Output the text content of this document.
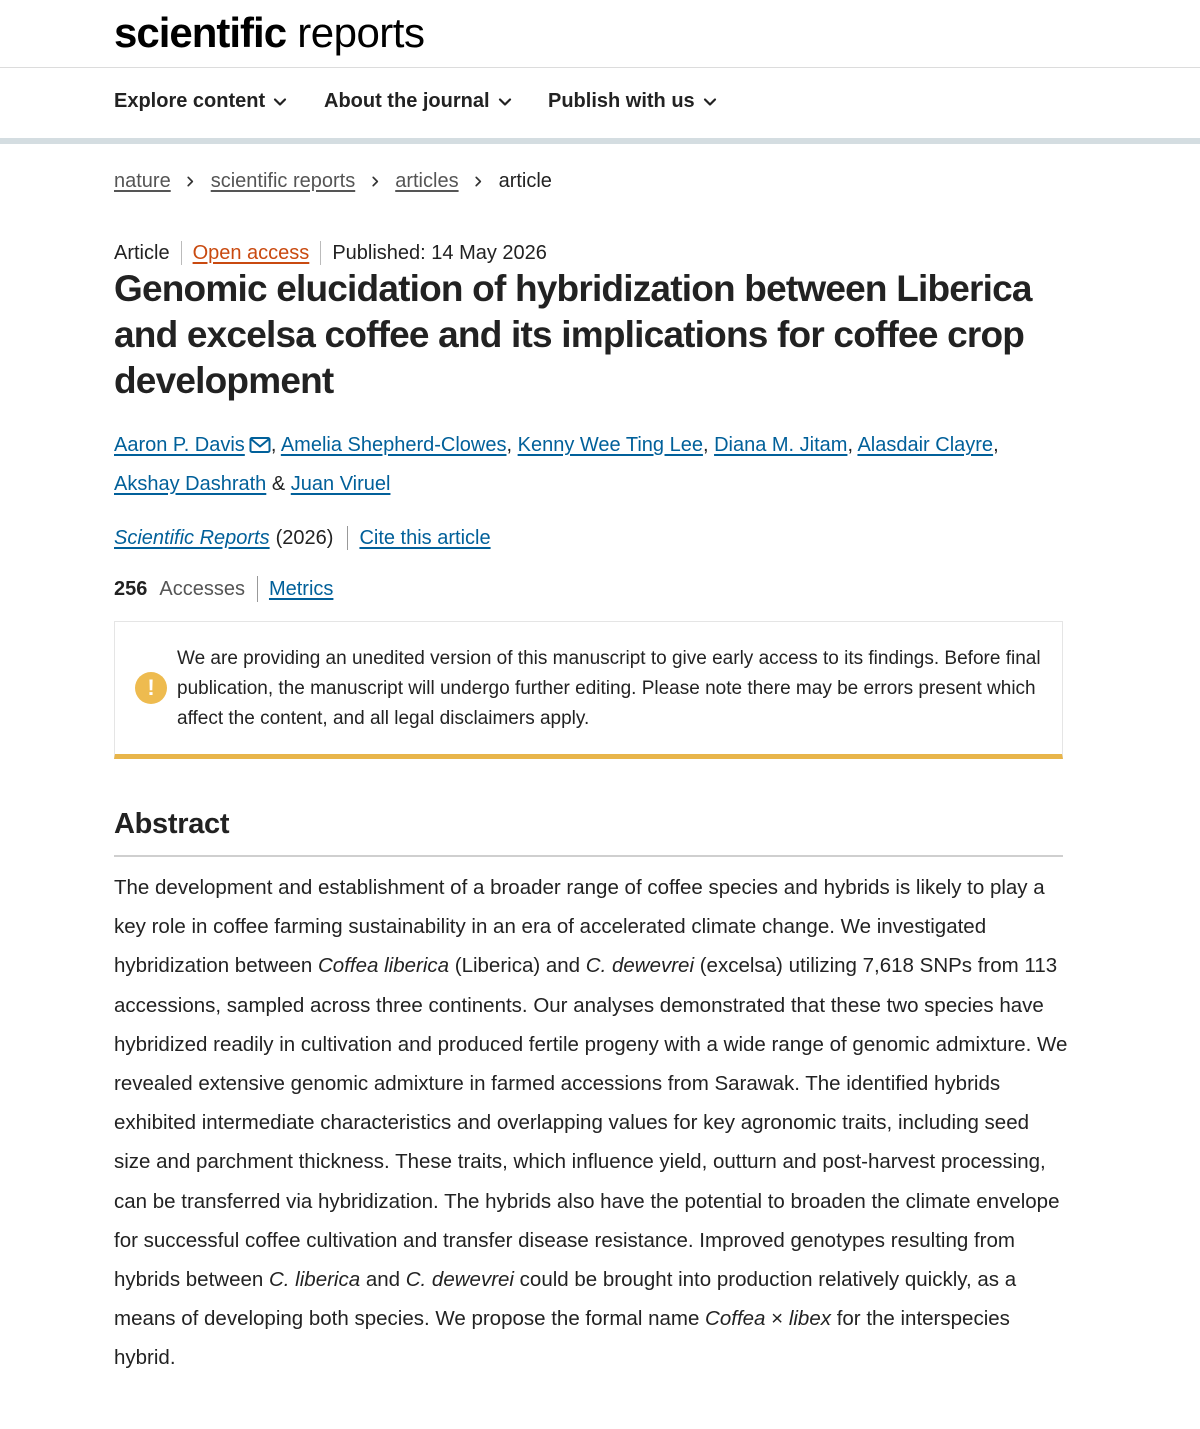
scientific reports
Explore content	About the journal	Publish with us
nature scientific reports articles article
Article Open access Published: 14 May 2026
Genomic elucidation of hybridization between Liberica and excelsa coffee and its implications for coffee crop development
Aaron P. Davis , Amelia Shepherd-Clowes, Kenny Wee Ting Lee, Diana M. Jitam, Alasdair Clayre,
Akshay Dashrath & Juan Viruel
Scientific Reports (2026) Cite this article
256 Accesses Metrics
!

We are providing an unedited version of this manuscript to give early access to its findings. Before final publication, the manuscript will undergo further editing. Please note there may be errors present which affect the content, and all legal disclaimers apply.

Abstract

The development and establishment of a broader range of coffee species and hybrids is likely to play a key role in coffee farming sustainability in an era of accelerated climate change. We investigated hybridization between Coffea liberica (Liberica) and C. dewevrei (excelsa) utilizing 7,618 SNPs from 113 accessions, sampled across three continents. Our analyses demonstrated that these two species have hybridized readily in cultivation and produced fertile progeny with a wide range of genomic admixture. We revealed extensive genomic admixture in farmed accessions from Sarawak. The identified hybrids exhibited intermediate characteristics and overlapping values for key agronomic traits, including seed size and parchment thickness. These traits, which influence yield, outturn and post-harvest processing, can be transferred via hybridization. The hybrids also have the potential to broaden the climate envelope for successful coffee cultivation and transfer disease resistance. Improved genotypes resulting from hybrids between C. liberica and C. dewevrei could be brought into production relatively quickly, as a means of developing both species. We propose the formal name Coffea × libex for the interspecies hybrid.
